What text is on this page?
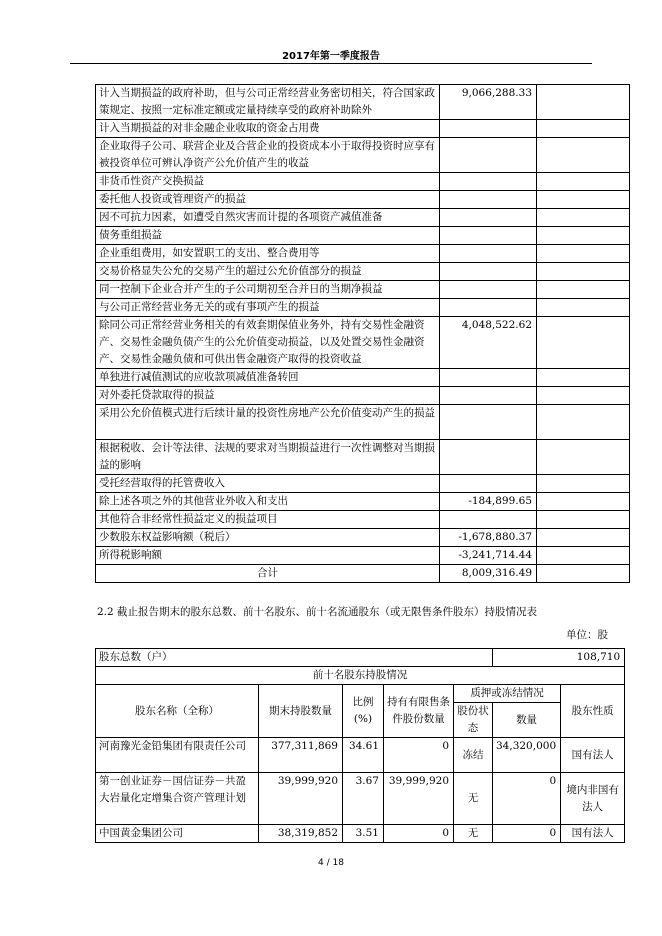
2017年第一季度报告
计入当期损益的政府补助，但与公司正常经营业务密切相关，符合国家政策规定、按照一定标准定额或定量持续享受的政府补助除外	9,066,288.33	
计入当期损益的对非金融企业收取的资金占用费		
企业取得子公司、联营企业及合营企业的投资成本小于取得投资时应享有被投资单位可辨认净资产公允价值产生的收益		
非货币性资产交换损益		
委托他人投资或管理资产的损益		
因不可抗力因素，如遭受自然灾害而计提的各项资产减值准备		
债务重组损益		
企业重组费用，如安置职工的支出、整合费用等		
交易价格显失公允的交易产生的超过公允价值部分的损益		
同一控制下企业合并产生的子公司期初至合并日的当期净损益		
与公司正常经营业务无关的或有事项产生的损益		
除同公司正常经营业务相关的有效套期保值业务外，持有交易性金融资产、交易性金融负债产生的公允价值变动损益，以及处置交易性金融资产、交易性金融负债和可供出售金融资产取得的投资收益	4,048,522.62	
单独进行减值测试的应收款项减值准备转回		
对外委托贷款取得的损益		
采用公允价值模式进行后续计量的投资性房地产公允价值变动产生的损益		
根据税收、会计等法律、法规的要求对当期损益进行一次性调整对当期损益的影响		
受托经营取得的托管费收入		
除上述各项之外的其他营业外收入和支出	-184,899.65	
其他符合非经常性损益定义的损益项目		
少数股东权益影响额（税后）	-1,678,880.37	
所得税影响额	-3,241,714.44	
合计	8,009,316.49	
2.2 截止报告期末的股东总数、前十名股东、前十名流通股东（或无限售条件股东）持股情况表
单位：股
股东总数（户）					108,710	
前十名股东持股情况						
股东名称（全称）	期末持股数量	比例(%)	持有有限售条件股份数量	质押或冻结情况		股东性质
				股份状态	数量	
河南豫光金铅集团有限责任公司	377,311,869	34.61	0	冻结	34,320,000	国有法人
第一创业证券－国信证券－共盈大岩量化定增集合资产管理计划	39,999,920	3.67	39,999,920	无	0	境内非国有法人
中国黄金集团公司	38,319,852	3.51	0	无	0	国有法人
4 / 18
